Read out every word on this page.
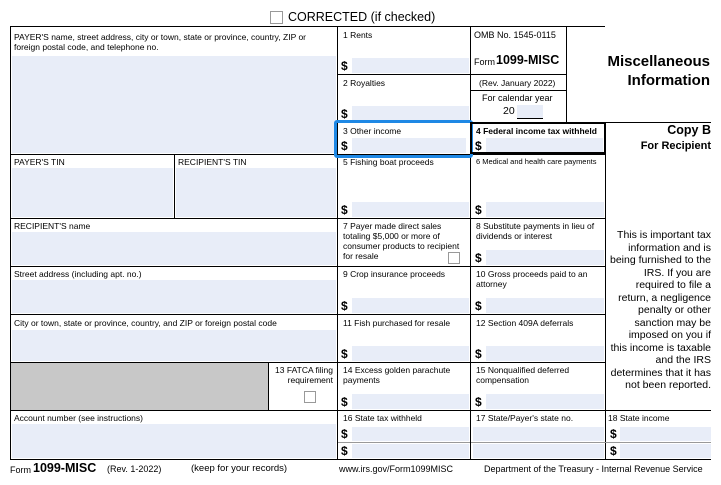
CORRECTED (if checked)
PAYER'S name, street address, city or town, state or province, country, ZIP or foreign postal code, and telephone no.
PAYER'S TIN	RECIPIENT'S TIN
RECIPIENT'S name
Street address (including apt. no.)
City or town, state or province, country, and ZIP or foreign postal code
13 FATCA filing requirement
Account number (see instructions)
1 Rents
$
2 Royalties
$
5 Fishing boat proceeds
$
7 Payer made direct sales totaling $5,000 or more of consumer products to recipient for resale
9 Crop insurance proceeds
$
11 Fish purchased for resale
$
14 Excess golden parachute payments
$
16 State tax withheld
$
$
3 Other income
$
OMB No. 1545-0115
Form 1099-MISC
(Rev. January 2022)
For calendar year
20
4 Federal income tax withheld
$
6 Medical and health care payments
$
8 Substitute payments in lieu of dividends or interest
$
10 Gross proceeds paid to an attorney
$
12 Section 409A deferrals
$
15 Nonqualified deferred compensation
$
17 State/Payer's state no.
Miscellaneous
Information
Copy B
For Recipient
This is important tax information and is being furnished to the IRS. If you are required to file a return, a negligence penalty or other sanction may be imposed on you if this income is taxable and the IRS determines that it has not been reported.
18 State income
$
$
Form 1099-MISC (Rev. 1-2022)	(keep for your records)	www.irs.gov/Form1099MISC	Department of the Treasury - Internal Revenue Service
